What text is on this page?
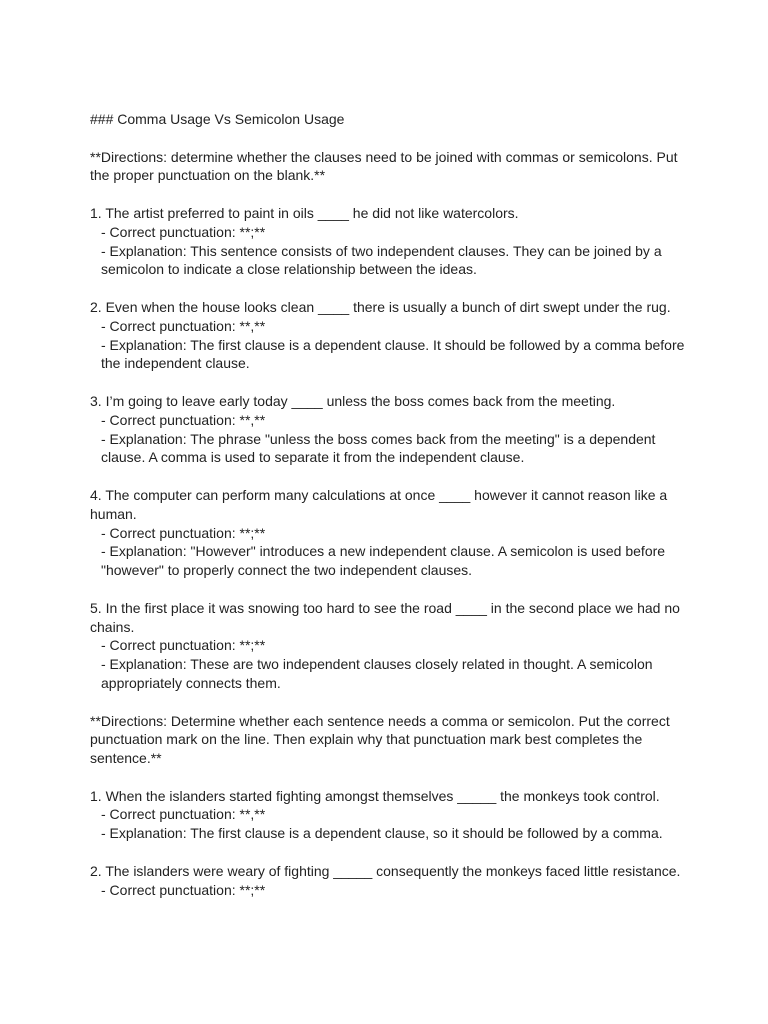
### Comma Usage Vs Semicolon Usage
**Directions: determine whether the clauses need to be joined with commas or semicolons. Put the proper punctuation on the blank.**
1. The artist preferred to paint in oils ____ he did not like watercolors.
- Correct punctuation: **;**
- Explanation: This sentence consists of two independent clauses. They can be joined by a semicolon to indicate a close relationship between the ideas.
2. Even when the house looks clean ____ there is usually a bunch of dirt swept under the rug.
- Correct punctuation: **,**
- Explanation: The first clause is a dependent clause. It should be followed by a comma before the independent clause.
3. I’m going to leave early today ____ unless the boss comes back from the meeting.
- Correct punctuation: **,**
- Explanation: The phrase "unless the boss comes back from the meeting" is a dependent clause. A comma is used to separate it from the independent clause.
4. The computer can perform many calculations at once ____ however it cannot reason like a human.
- Correct punctuation: **;**
- Explanation: "However" introduces a new independent clause. A semicolon is used before "however" to properly connect the two independent clauses.
5. In the first place it was snowing too hard to see the road ____ in the second place we had no chains.
- Correct punctuation: **;**
- Explanation: These are two independent clauses closely related in thought. A semicolon appropriately connects them.
**Directions: Determine whether each sentence needs a comma or semicolon. Put the correct punctuation mark on the line. Then explain why that punctuation mark best completes the sentence.**
1. When the islanders started fighting amongst themselves _____ the monkeys took control.
- Correct punctuation: **,**
- Explanation: The first clause is a dependent clause, so it should be followed by a comma.
2. The islanders were weary of fighting _____ consequently the monkeys faced little resistance.
- Correct punctuation: **;**
